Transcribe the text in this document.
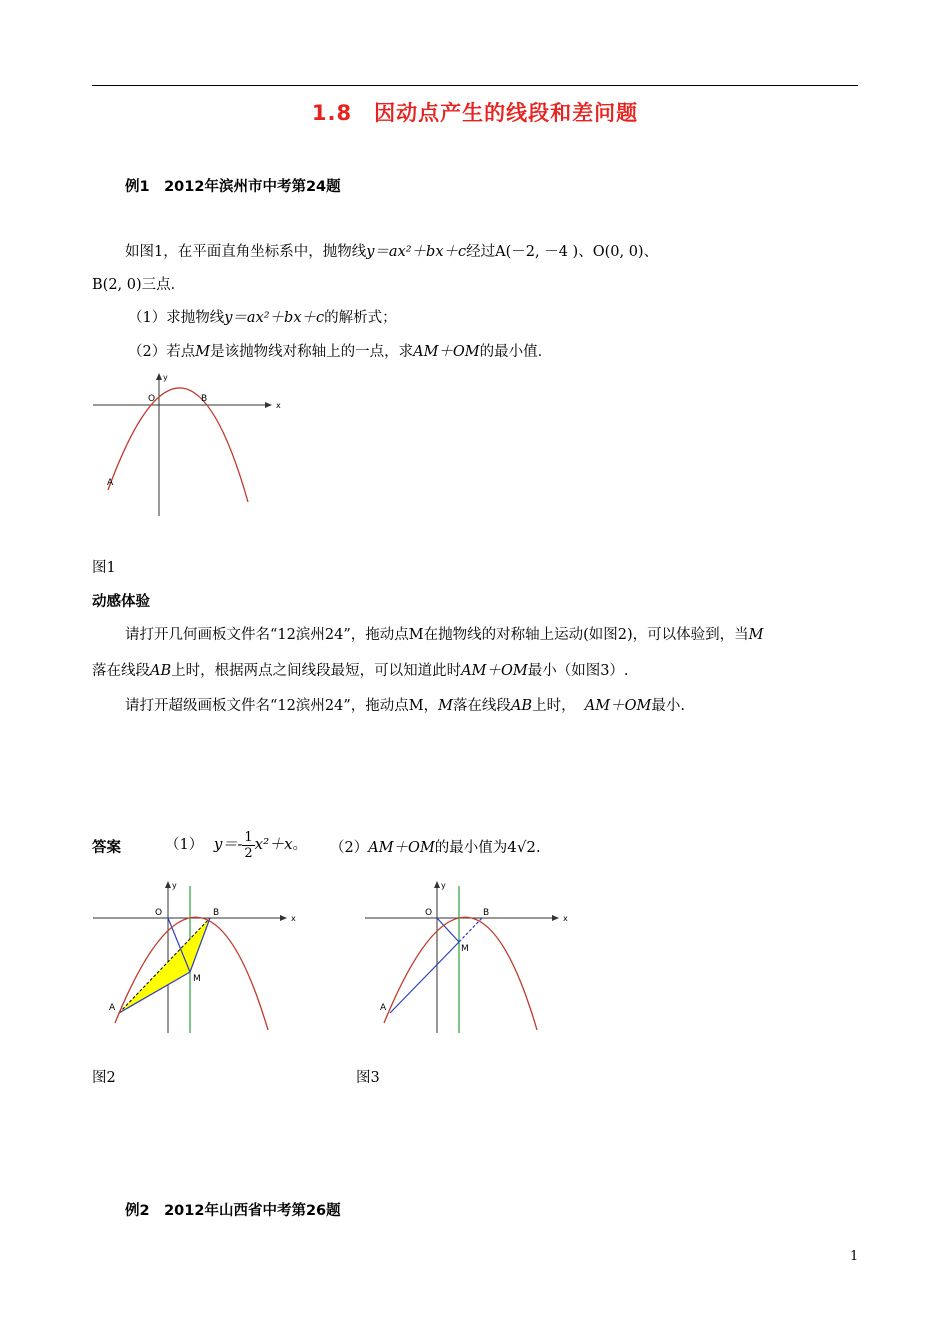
1.8　因动点产生的线段和差问题
例1　2012年滨州市中考第24题
如图1，在平面直角坐标系中，抛物线y＝ax²＋bx＋c经过A(－2, －4 )、O(0, 0)、
B(2, 0)三点．
（1）求抛物线y＝ax²＋bx＋c的解析式；
（2）若点M是该抛物线对称轴上的一点，求AM＋OM的最小值．
x
y
O	B
A
图1
动感体验
请打开几何画板文件名“12滨州24”，拖动点M在抛物线的对称轴上运动(如图2)，可以体验到，当M
落在线段AB上时，根据两点之间线段最短，可以知道此时AM＋OM最小（如图3）.
请打开超级画板文件名“12滨州24”，拖动点M，M落在线段AB上时， AM＋OM最小.
答案	（1） $y=- \frac{1}{2} x^2+x$。 （2）AM＋OM的最小值为4√2.
x
y
O	B
M
A
x
y
O	B
M
A
图2	图3
例2　2012年山西省中考第26题
1
